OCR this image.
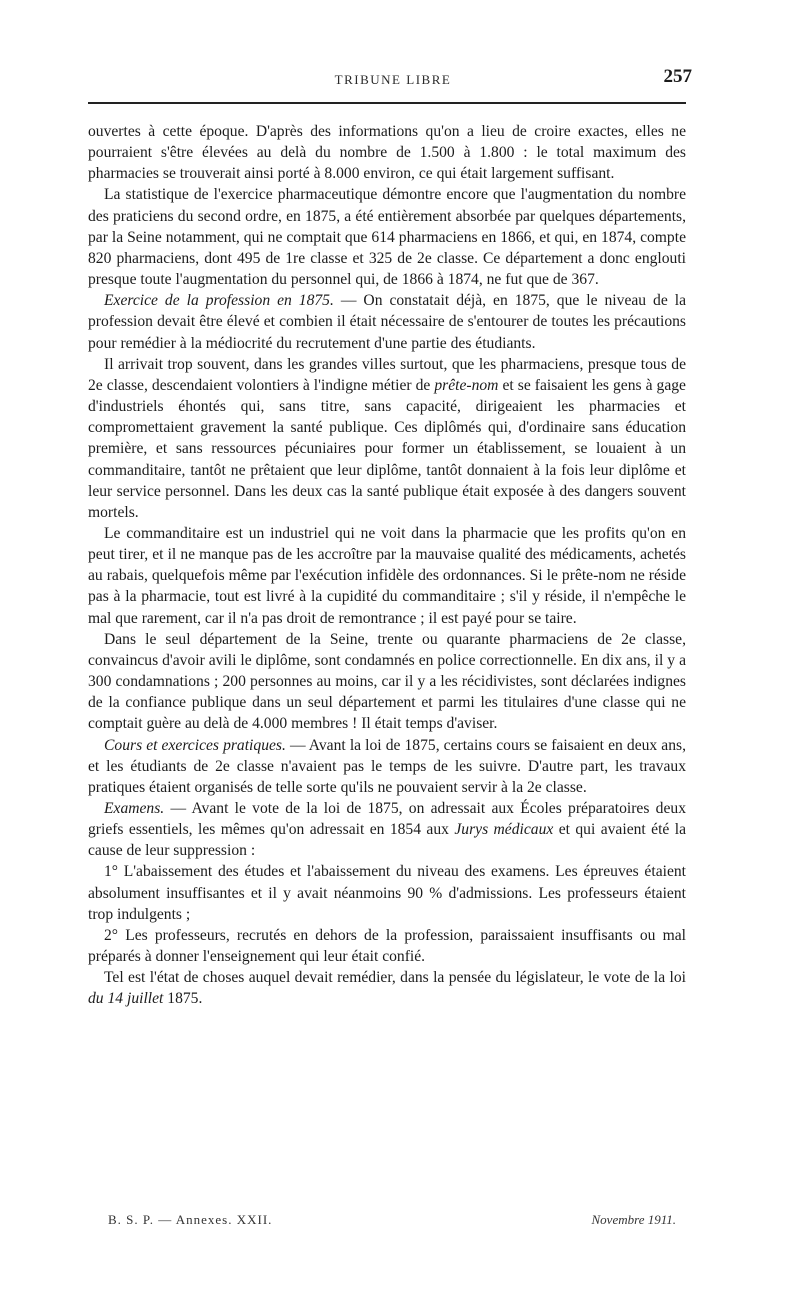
TRIBUNE LIBRE	257

ouvertes à cette époque. D'après des informations qu'on a lieu de croire exactes, elles ne pourraient s'être élevées au delà du nombre de 1.500 à 1.800 : le total maximum des pharmacies se trouverait ainsi porté à 8.000 environ, ce qui était largement suffisant.

La statistique de l'exercice pharmaceutique démontre encore que l'augmentation du nombre des praticiens du second ordre, en 1875, a été entièrement absorbée par quelques départements, par la Seine notamment, qui ne comptait que 614 pharmaciens en 1866, et qui, en 1874, compte 820 pharmaciens, dont 495 de 1re classe et 325 de 2e classe. Ce département a donc englouti presque toute l'augmentation du personnel qui, de 1866 à 1874, ne fut que de 367.

Exercice de la profession en 1875. — On constatait déjà, en 1875, que le niveau de la profession devait être élevé et combien il était nécessaire de s'entourer de toutes les précautions pour remédier à la médiocrité du recrutement d'une partie des étudiants.

Il arrivait trop souvent, dans les grandes villes surtout, que les pharmaciens, presque tous de 2e classe, descendaient volontiers à l'indigne métier de prête-nom et se faisaient les gens à gage d'industriels éhontés qui, sans titre, sans capacité, dirigeaient les pharmacies et compromettaient gravement la santé publique. Ces diplômés qui, d'ordinaire sans éducation première, et sans ressources pécuniaires pour former un établissement, se louaient à un commanditaire, tantôt ne prêtaient que leur diplôme, tantôt donnaient à la fois leur diplôme et leur service personnel. Dans les deux cas la santé publique était exposée à des dangers souvent mortels.

Le commanditaire est un industriel qui ne voit dans la pharmacie que les profits qu'on en peut tirer, et il ne manque pas de les accroître par la mauvaise qualité des médicaments, achetés au rabais, quelquefois même par l'exécution infidèle des ordonnances. Si le prête-nom ne réside pas à la pharmacie, tout est livré à la cupidité du commanditaire ; s'il y réside, il n'empêche le mal que rarement, car il n'a pas droit de remontrance ; il est payé pour se taire.

Dans le seul département de la Seine, trente ou quarante pharmaciens de 2e classe, convaincus d'avoir avili le diplôme, sont condamnés en police correctionnelle. En dix ans, il y a 300 condamnations ; 200 personnes au moins, car il y a les récidivistes, sont déclarées indignes de la confiance publique dans un seul département et parmi les titulaires d'une classe qui ne comptait guère au delà de 4.000 membres ! Il était temps d'aviser.

Cours et exercices pratiques. — Avant la loi de 1875, certains cours se faisaient en deux ans, et les étudiants de 2e classe n'avaient pas le temps de les suivre. D'autre part, les travaux pratiques étaient organisés de telle sorte qu'ils ne pouvaient servir à la 2e classe.

Examens. — Avant le vote de la loi de 1875, on adressait aux Écoles préparatoires deux griefs essentiels, les mêmes qu'on adressait en 1854 aux Jurys médicaux et qui avaient été la cause de leur suppression :

1° L'abaissement des études et l'abaissement du niveau des examens. Les épreuves étaient absolument insuffisantes et il y avait néanmoins 90 % d'admissions. Les professeurs étaient trop indulgents ;

2° Les professeurs, recrutés en dehors de la profession, paraissaient insuffisants ou mal préparés à donner l'enseignement qui leur était confié.

Tel est l'état de choses auquel devait remédier, dans la pensée du législateur, le vote de la loi du 14 juillet 1875.

B. S. P. — Annexes. XXII.	Novembre 1911.
